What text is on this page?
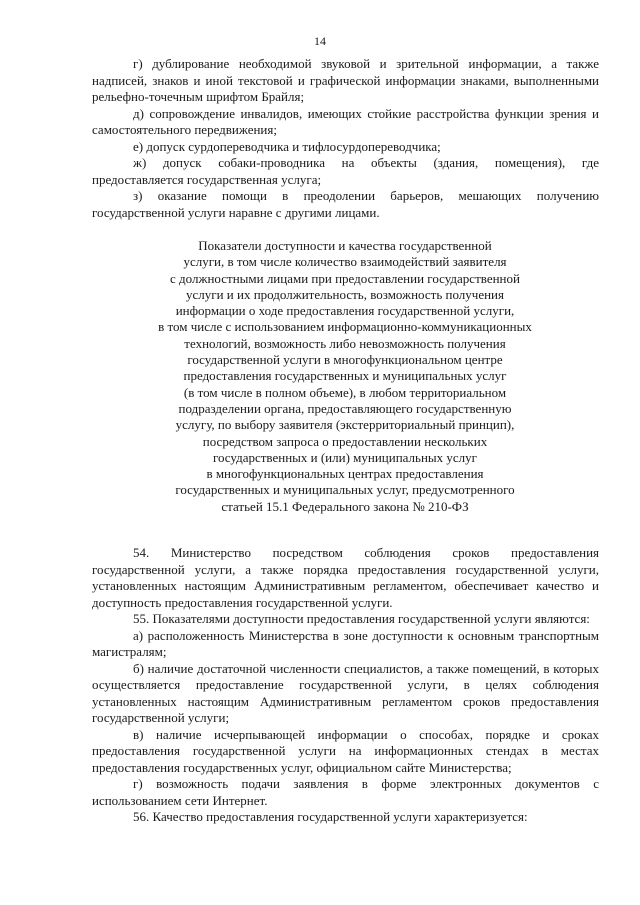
14

г) дублирование необходимой звуковой и зрительной информации, а также надписей, знаков и иной текстовой и графической информации знаками, выполненными рельефно-точечным шрифтом Брайля;

д) сопровождение инвалидов, имеющих стойкие расстройства функции зрения и самостоятельного передвижения;

е) допуск сурдопереводчика и тифлосурдопереводчика;

ж) допуск собаки-проводника на объекты (здания, помещения), где предоставляется государственная услуга;

з) оказание помощи в преодолении барьеров, мешающих получению государственной услуги наравне с другими лицами.

Показатели доступности и качества государственной
услуги, в том числе количество взаимодействий заявителя
с должностными лицами при предоставлении государственной
услуги и их продолжительность, возможность получения
информации о ходе предоставления государственной услуги,
в том числе с использованием информационно-коммуникационных
технологий, возможность либо невозможность получения
государственной услуги в многофункциональном центре
предоставления государственных и муниципальных услуг
(в том числе в полном объеме), в любом территориальном
подразделении органа, предоставляющего государственную
услугу, по выбору заявителя (экстерриториальный принцип),
посредством запроса о предоставлении нескольких
государственных и (или) муниципальных услуг
в многофункциональных центрах предоставления
государственных и муниципальных услуг, предусмотренного
статьей 15.1 Федерального закона № 210-ФЗ

54. Министерство посредством соблюдения сроков предоставления государственной услуги, а также порядка предоставления государственной услуги, установленных настоящим Административным регламентом, обеспечивает качество и доступность предоставления государственной услуги.

55. Показателями доступности предоставления государственной услуги являются:

а) расположенность Министерства в зоне доступности к основным транспортным магистралям;

б) наличие достаточной численности специалистов, а также помещений, в которых осуществляется предоставление государственной услуги, в целях соблюдения установленных настоящим Административным регламентом сроков предоставления государственной услуги;

в) наличие исчерпывающей информации о способах, порядке и сроках предоставления государственной услуги на информационных стендах в местах предоставления государственных услуг, официальном сайте Министерства;

г) возможность подачи заявления в форме электронных документов с использованием сети Интернет.

56. Качество предоставления государственной услуги характеризуется:
